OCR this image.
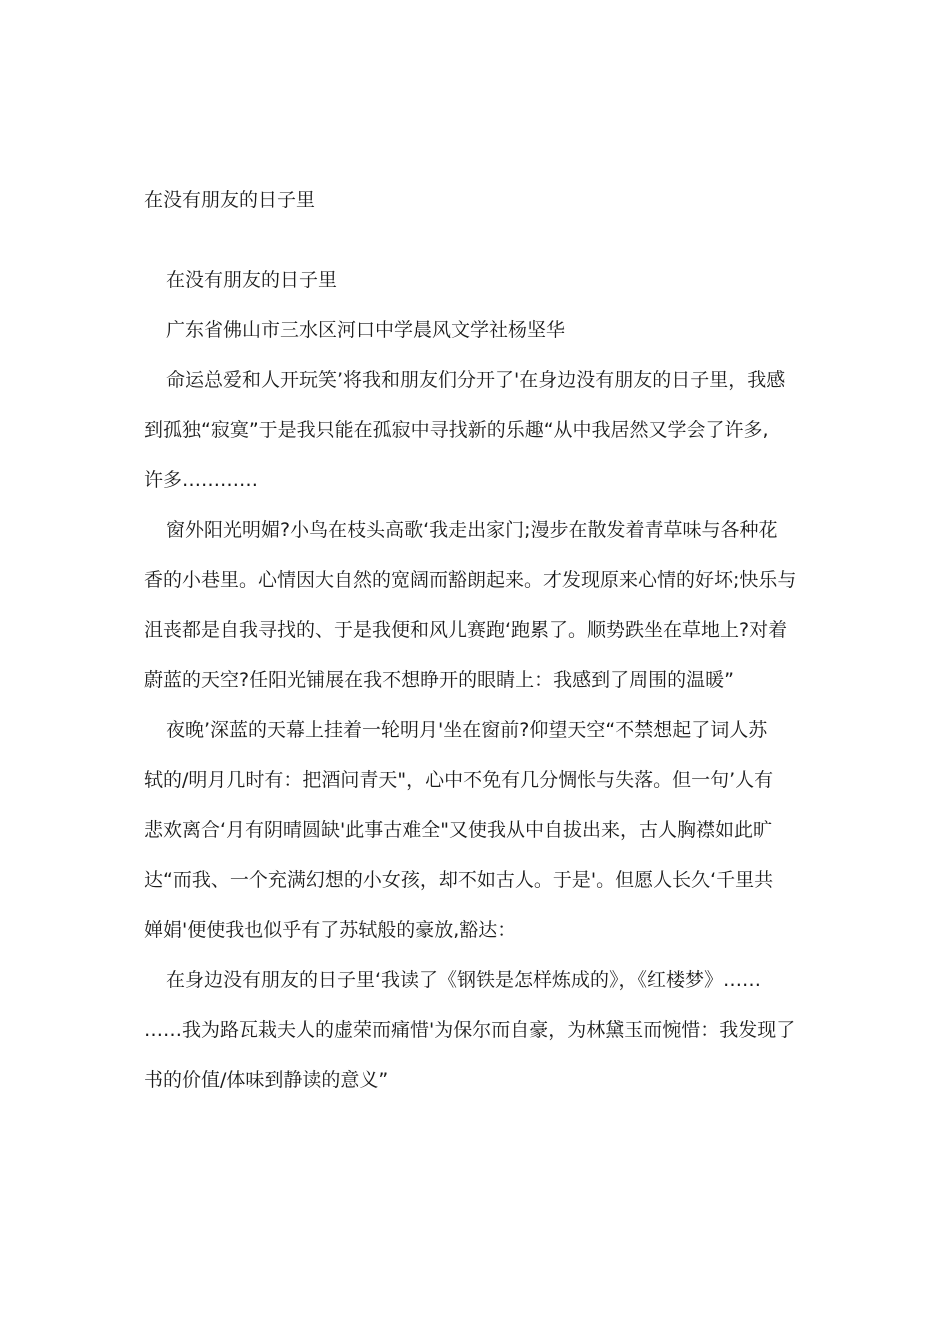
在没有朋友的日子里
在没有朋友的日子里
广东省佛山市三水区河口中学晨风文学社杨坚华
命运总爱和人开玩笑’将我和朋友们分开了'在身边没有朋友的日子里，我感
到孤独“寂寞”于是我只能在孤寂中寻找新的乐趣“从中我居然又学会了许多,
许多…………
窗外阳光明媚?小鸟在枝头高歌‘我走出家门;漫步在散发着青草味与各种花
香的小巷里。心情因大自然的宽阔而豁朗起来。才发现原来心情的好坏;快乐与
沮丧都是自我寻找的、于是我便和风儿赛跑‘跑累了。顺势跌坐在草地上?对着
蔚蓝的天空?任阳光铺展在我不想睁开的眼睛上：我感到了周围的温暖”
夜晚’深蓝的天幕上挂着一轮明月'坐在窗前?仰望天空“不禁想起了词人苏
轼的/明月几时有：把酒问青天"，心中不免有几分惆怅与失落。但一句’人有
悲欢离合‘月有阴晴圆缺'此事古难全"又使我从中自拔出来，古人胸襟如此旷
达“而我、一个充满幻想的小女孩，却不如古人。于是'。但愿人长久‘千里共
婵娟'便使我也似乎有了苏轼般的豪放,豁达：
在身边没有朋友的日子里‘我读了《钢铁是怎样炼成的》，《红楼梦》……
……我为路瓦栽夫人的虚荣而痛惜'为保尔而自豪，为林黛玉而惋惜：我发现了
书的价值/体味到静读的意义”
